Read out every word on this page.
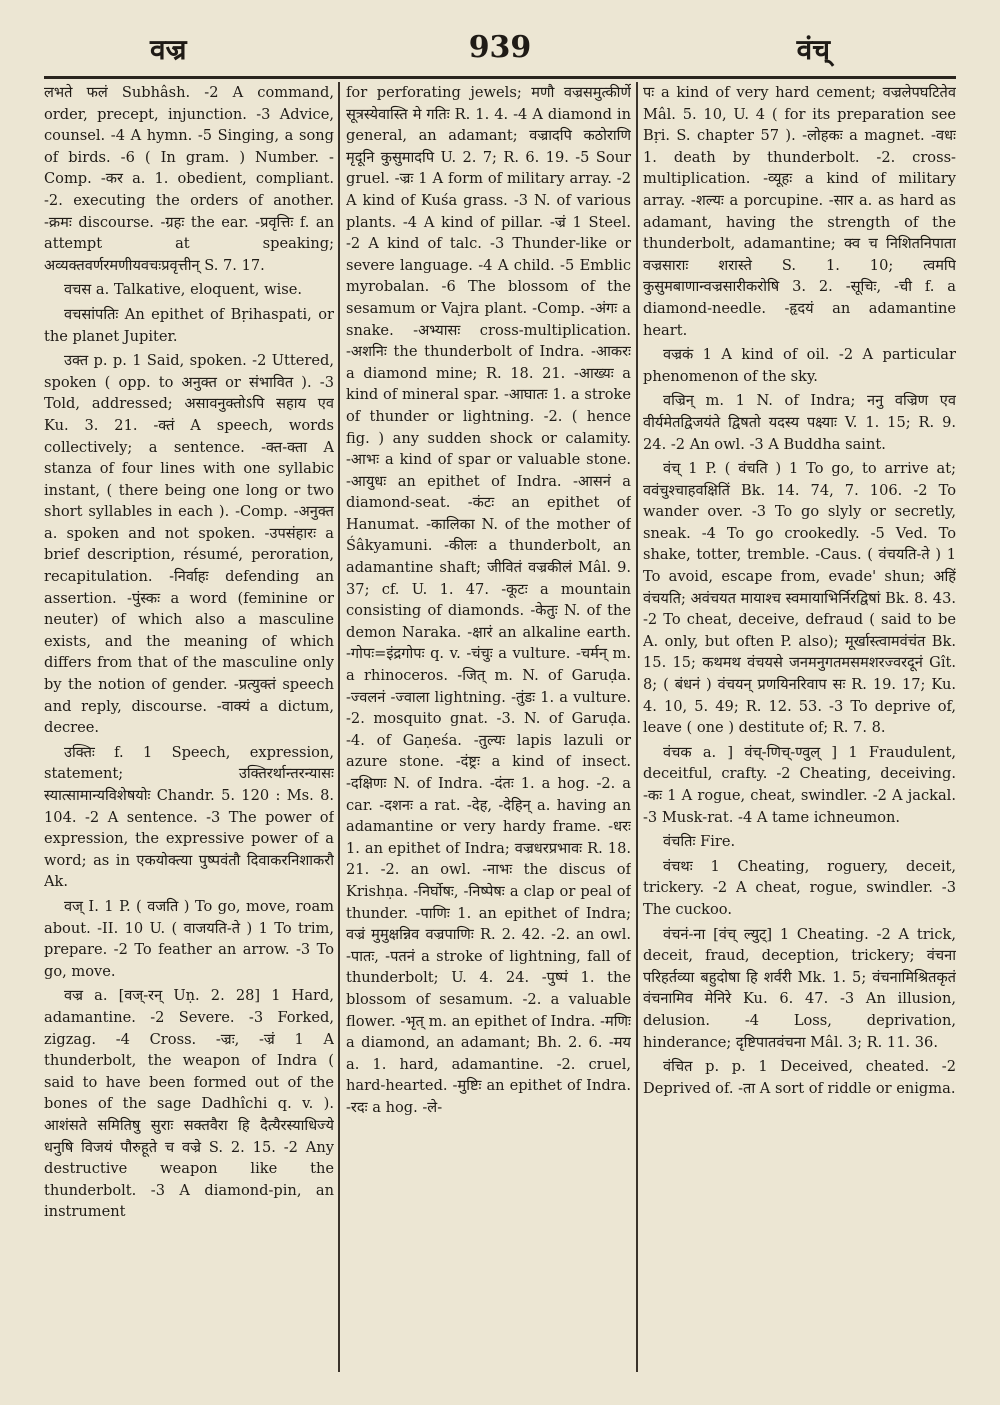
वज्र	939	वंच्

लभते फलं Subhâsh. -2 A command, order, precept, injunction. -3 Advice, counsel. -4 A hymn. -5 Singing, a song of birds. -6 ( In gram. ) Number. -Comp. -कर a. 1. obedient, compliant. -2. executing the orders of another. -क्रमः discourse. -ग्रहः the ear. -प्रवृत्तिः f. an attempt at speaking; अव्यक्तवर्णरमणीयवचःप्रवृत्तीन् S. 7. 17.

वचस a. Talkative, eloquent, wise.

वचसांपतिः An epithet of Bṛihaspati, or the planet Jupiter.

उक्त p. p. 1 Said, spoken. -2 Uttered, spoken ( opp. to अनुक्त or संभावित ). -3 Told, addressed; असावनुक्तोऽपि सहाय एव Ku. 3. 21. -क्तं A speech, words collectively; a sentence. -क्त-क्ता A stanza of four lines with one syllabic instant, ( there being one long or two short syllables in each ). -Comp. -अनुक्त a. spoken and not spoken. -उपसंहारः a brief description, résumé, peroration, recapitulation. -निर्वाहः defending an assertion. -पुंस्कः a word (feminine or neuter) of which also a masculine exists, and the meaning of which differs from that of the masculine only by the notion of gender. -प्रत्युक्तं speech and reply, discourse. -वाक्यं a dictum, decree.

उक्तिः f. 1 Speech, expression, statement; उक्तिरर्थान्तरन्यासः स्यात्सामान्यविशेषयोः Chandr. 5. 120 : Ms. 8. 104. -2 A sentence. -3 The power of expression, the expressive power of a word; as in एकयोक्त्या पुष्पवंतौ दिवाकरनिशाकरौ Ak.

वज् I. 1 P. ( वजति ) To go, move, roam about. -II. 10 U. ( वाजयति-ते ) 1 To trim, prepare. -2 To feather an arrow. -3 To go, move.

वज्र a. [वज्-रन् Uṇ. 2. 28] 1 Hard, adamantine. -2 Severe. -3 Forked, zigzag. -4 Cross. -ज्रः, -ज्रं 1 A thunderbolt, the weapon of Indra ( said to have been formed out of the bones of the sage Dadhîchi q. v. ). आशंसते समितिषु सुराः सक्तवैरा हि दैत्यैरस्याधिज्ये धनुषि विजयं पौरुहूते च वज्रे S. 2. 15. -2 Any destructive weapon like the thunderbolt. -3 A diamond-pin, an instrument

for perforating jewels; मणौ वज्रसमुत्कीर्णे सूत्रस्येवास्ति मे गतिः R. 1. 4. -4 A diamond in general, an adamant; वज्रादपि कठोराणि मृदूनि कुसुमादपि U. 2. 7; R. 6. 19. -5 Sour gruel. -ज्रः 1 A form of military array. -2 A kind of Kuśa grass. -3 N. of various plants. -4 A kind of pillar. -ज्रं 1 Steel. -2 A kind of talc. -3 Thunder-like or severe language. -4 A child. -5 Emblic myrobalan. -6 The blossom of the sesamum or Vajra plant. -Comp. -अंगः a snake. -अभ्यासः cross-multiplication. -अशनिः the thunderbolt of Indra. -आकरः a diamond mine; R. 18. 21. -आख्यः a kind of mineral spar. -आघातः 1. a stroke of thunder or lightning. -2. ( hence fig. ) any sudden shock or calamity. -आभः a kind of spar or valuable stone. -आयुधः an epithet of Indra. -आसनं a diamond-seat. -कंटः an epithet of Hanumat. -कालिका N. of the mother of Śâkyamuni. -कीलः a thunderbolt, an adamantine shaft; जीवितं वज्रकीलं Mâl. 9. 37; cf. U. 1. 47. -कूटः a mountain consisting of diamonds. -केतुः N. of the demon Naraka. -क्षारं an alkaline earth. -गोपः=इंद्रगोपः q. v. -चंचुः a vulture. -चर्मन् m. a rhinoceros. -जित् m. N. of Garuḍa. -ज्वलनं -ज्वाला lightning. -तुंडः 1. a vulture. -2. mosquito gnat. -3. N. of Garuḍa. -4. of Gaṇeśa. -तुल्यः lapis lazuli or azure stone. -दंष्ट्रः a kind of insect. -दक्षिणः N. of Indra. -दंतः 1. a hog. -2. a car. -दशनः a rat. -देह, -देहिन् a. having an adamantine or very hardy frame. -धरः 1. an epithet of Indra; वज्रधरप्रभावः R. 18. 21. -2. an owl. -नाभः the discus of Krishṇa. -निर्घोषः, -निष्पेषः a clap or peal of thunder. -पाणिः 1. an epithet of Indra; वज्रं मुमुक्षन्निव वज्रपाणिः R. 2. 42. -2. an owl. -पातः, -पतनं a stroke of lightning, fall of thunderbolt; U. 4. 24. -पुष्पं 1. the blossom of sesamum. -2. a valuable flower. -भृत् m. an epithet of Indra. -मणिः a diamond, an adamant; Bh. 2. 6. -मय a. 1. hard, adamantine. -2. cruel, hard-hearted. -मुष्टिः an epithet of Indra. -रदः a hog. -ले-

पः a kind of very hard cement; वज्रलेपघटितेव Mâl. 5. 10, U. 4 ( for its preparation see Bṛi. S. chapter 57 ). -लोहकः a magnet. -वधः 1. death by thunderbolt. -2. cross-multiplication. -व्यूहः a kind of military array. -शल्यः a porcupine. -सार a. as hard as adamant, having the strength of the thunderbolt, adamantine; क्व च निशितनिपाता वज्रसाराः शरास्ते S. 1. 10; त्वमपि कुसुमबाणान्वज्रसारीकरोषि 3. 2. -सूचिः, -ची f. a diamond-needle. -हृदयं an adamantine heart.

वज्रकं 1 A kind of oil. -2 A particular phenomenon of the sky.

वज्रिन् m. 1 N. of Indra; ननु वज्रिण एव वीर्यमेतद्विजयंते द्विषतो यदस्य पक्ष्याः V. 1. 15; R. 9. 24. -2 An owl. -3 A Buddha saint.

वंच् 1 P. ( वंचति ) 1 To go, to arrive at; ववंचुश्चाहवक्षितिं Bk. 14. 74, 7. 106. -2 To wander over. -3 To go slyly or secretly, sneak. -4 To go crookedly. -5 Ved. To shake, totter, tremble. -Caus. ( वंचयति-ते ) 1 To avoid, escape from, evade' shun; अहिं वंचयति; अवंचयत मायाश्च स्वमायाभिर्निरद्विषां Bk. 8. 43. -2 To cheat, deceive, defraud ( said to be A. only, but often P. also); मूर्खास्त्वामवंचंत Bk. 15. 15; कथमथ वंचयसे जनमनुगतमसमशरज्वरदूनं Gît. 8; ( बंधनं ) वंचयन् प्रणयिनरिवाप सः R. 19. 17; Ku. 4. 10, 5. 49; R. 12. 53. -3 To deprive of, leave ( one ) destitute of; R. 7. 8.

वंचक a. ] वंच्-णिच्-ण्वुल् ] 1 Fraudulent, deceitful, crafty. -2 Cheating, deceiving. -कः 1 A rogue, cheat, swindler. -2 A jackal. -3 Musk-rat. -4 A tame ichneumon.

वंचतिः Fire.

वंचथः 1 Cheating, roguery, deceit, trickery. -2 A cheat, rogue, swindler. -3 The cuckoo.

वंचनं-ना [वंच् ल्युट्] 1 Cheating. -2 A trick, deceit, fraud, deception, trickery; वंचना परिहर्तव्या बहुदोषा हि शर्वरी Mk. 1. 5; वंचनामिश्रितकृतं वंचनामिव मेनिरे Ku. 6. 47. -3 An illusion, delusion. -4 Loss, deprivation, hinderance; दृष्टिपातवंचना Mâl. 3; R. 11. 36.

वंचित p. p. 1 Deceived, cheated. -2 Deprived of. -ता A sort of riddle or enigma.
